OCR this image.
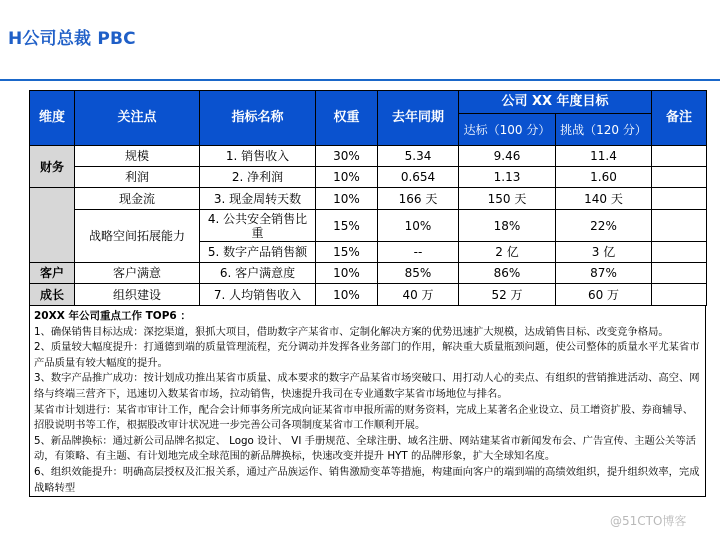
H公司总裁 PBC
维度	关注点	指标名称	权重	去年同期	公司 XX 年度目标		备注
					达标（100 分）	挑战（120 分）	
财务	规模	1. 销售收入	30%	5.34	9.46	11.4	
	利润	2. 净利润	10%	0.654	1.13	1.60	
	现金流	3. 现金周转天数	10%	166 天	150 天	140 天	
	战略空间拓展能力	4. 公共安全销售比重	15%	10%	18%	22%	
		5. 数字产品销售额	15%	--	2 亿	3 亿	
客户	客户满意	6. 客户满意度	10%	85%	86%	87%	
成长	组织建设	7. 人均销售收入	10%	40 万	52 万	60 万	

20XX 年公司重点工作 TOP6 ：

1、确保销售目标达成：深挖渠道，狠抓大项目，借助数字产某省市、定制化解决方案的优势迅速扩大规模，达成销售目标、改变竞争格局。

2、质量较大幅度提升：打通德到端的质量管理流程，充分调动并发挥各业务部门的作用，解决重大质量瓶颈问题，使公司整体的质量水平尤某省市产品质量有较大幅度的提升。

3、数字产品推广成功：按计划成功推出某省市质量、成本要求的数字产品某省市场突破口、用打动人心的卖点、有组织的营销推进活动、高空、网络与终端三营齐下，迅速切入数某省市场，拉动销售，快速提升我司在专业通数字某省市场地位与排名。

某省市计划进行：某省市审计工作，配合会计师事务所完成向证某省市申报所需的财务资料，完成上某著名企业设立、员工增资扩股、券商辅导、招股说明书等工作，根据股改审计状况进一步完善公司各项制度某省市工作顺利开展。

5、新品牌换标：通过新公司品牌名拟定、 Logo 设计、 VI 手册规范、全球注册、域名注册、网站建某省市新闻发布会、广告宣传、主题公关等活动，有策略、有主题、有计划地完成全球范围的新品牌换标，快速改变并提升 HYT 的品牌形象，扩大全球知名度。

6、组织效能提升：明确高层授权及汇报关系，通过产品族运作、销售激励变革等措施，构建面向客户的端到端的高绩效组织，提升组织效率，完成战略转型

@51CTO博客
